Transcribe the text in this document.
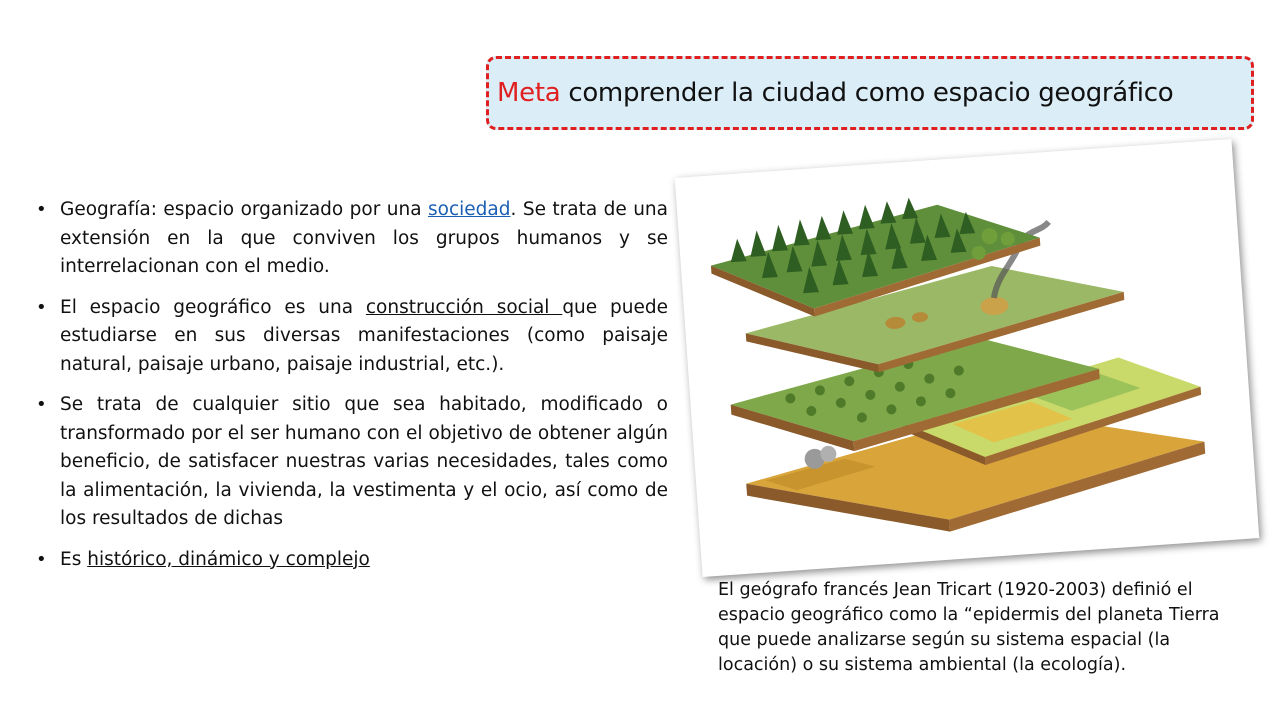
Meta comprender la ciudad como espacio geográfico
• Geografía: espacio organizado por una sociedad. Se trata de una extensión en la que conviven los grupos humanos y se interrelacionan con el medio.
• El espacio geográfico es una construcción social que puede estudiarse en sus diversas manifestaciones (como paisaje natural, paisaje urbano, paisaje industrial, etc.).
• Se trata de cualquier sitio que sea habitado, modificado o transformado por el ser humano con el objetivo de obtener algún beneficio, de satisfacer nuestras varias necesidades, tales como la alimentación, la vivienda, la vestimenta y el ocio, así como de los resultados de dichas
• Es histórico, dinámico y complejo
El geógrafo francés Jean Tricart (1920-2003) definió el
espacio geográfico como la “epidermis del planeta Tierra
que puede analizarse según su sistema espacial (la
locación) o su sistema ambiental (la ecología).
